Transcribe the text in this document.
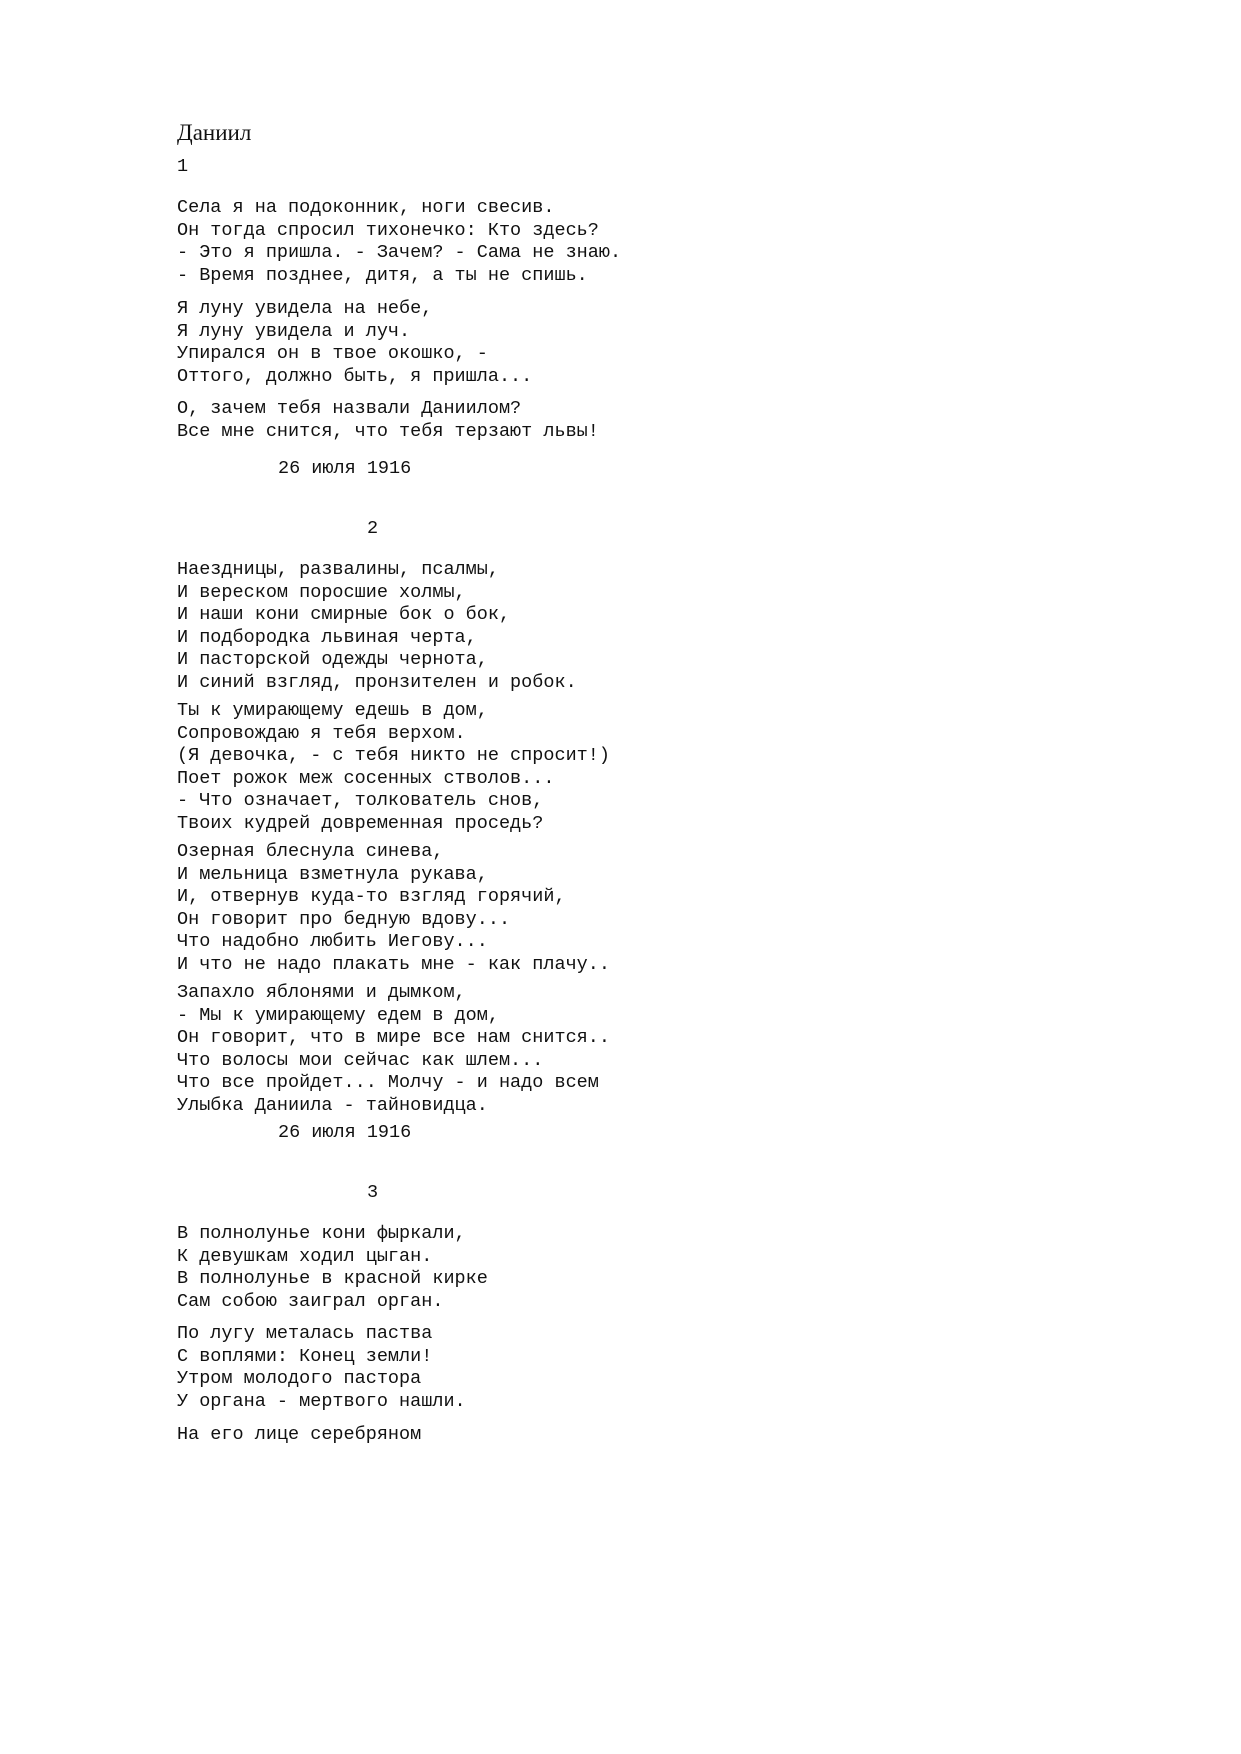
Даниил
1
Села я на подоконник, ноги свесив.
Он тогда спросил тихонечко: Кто здесь?
- Это я пришла. - Зачем? - Сама не знаю.
- Время позднее, дитя, а ты не спишь.
Я луну увидела на небе,
Я луну увидела и луч.
Упирался он в твое окошко, -
Оттого, должно быть, я пришла...
О, зачем тебя назвали Даниилом?
Все мне снится, что тебя терзают львы!
26 июля 1916
2
Наездницы, развалины, псалмы,
И вереском поросшие холмы,
И наши кони смирные бок о бок,
И подбородка львиная черта,
И пасторской одежды чернота,
И синий взгляд, пронзителен и робок.
Ты к умирающему едешь в дом,
Сопровождаю я тебя верхом.
(Я девочка, - с тебя никто не спросит!)
Поет рожок меж сосенных стволов...
- Что означает, толкователь снов,
Твоих кудрей довременная проседь?
Озерная блеснула синева,
И мельница взметнула рукава,
И, отвернув куда-то взгляд горячий,
Он говорит про бедную вдову...
Что надобно любить Иегову...
И что не надо плакать мне - как плачу..
Запахло яблонями и дымком,
- Мы к умирающему едем в дом,
Он говорит, что в мире все нам снится..
Что волосы мои сейчас как шлем...
Что все пройдет... Молчу - и надо всем
Улыбка Даниила - тайновидца.
26 июля 1916
3
В полнолунье кони фыркали,
К девушкам ходил цыган.
В полнолунье в красной кирке
Сам собою заиграл орган.
По лугу металась паства
С воплями: Конец земли!
Утром молодого пастора
У органа - мертвого нашли.
На его лице серебряном
